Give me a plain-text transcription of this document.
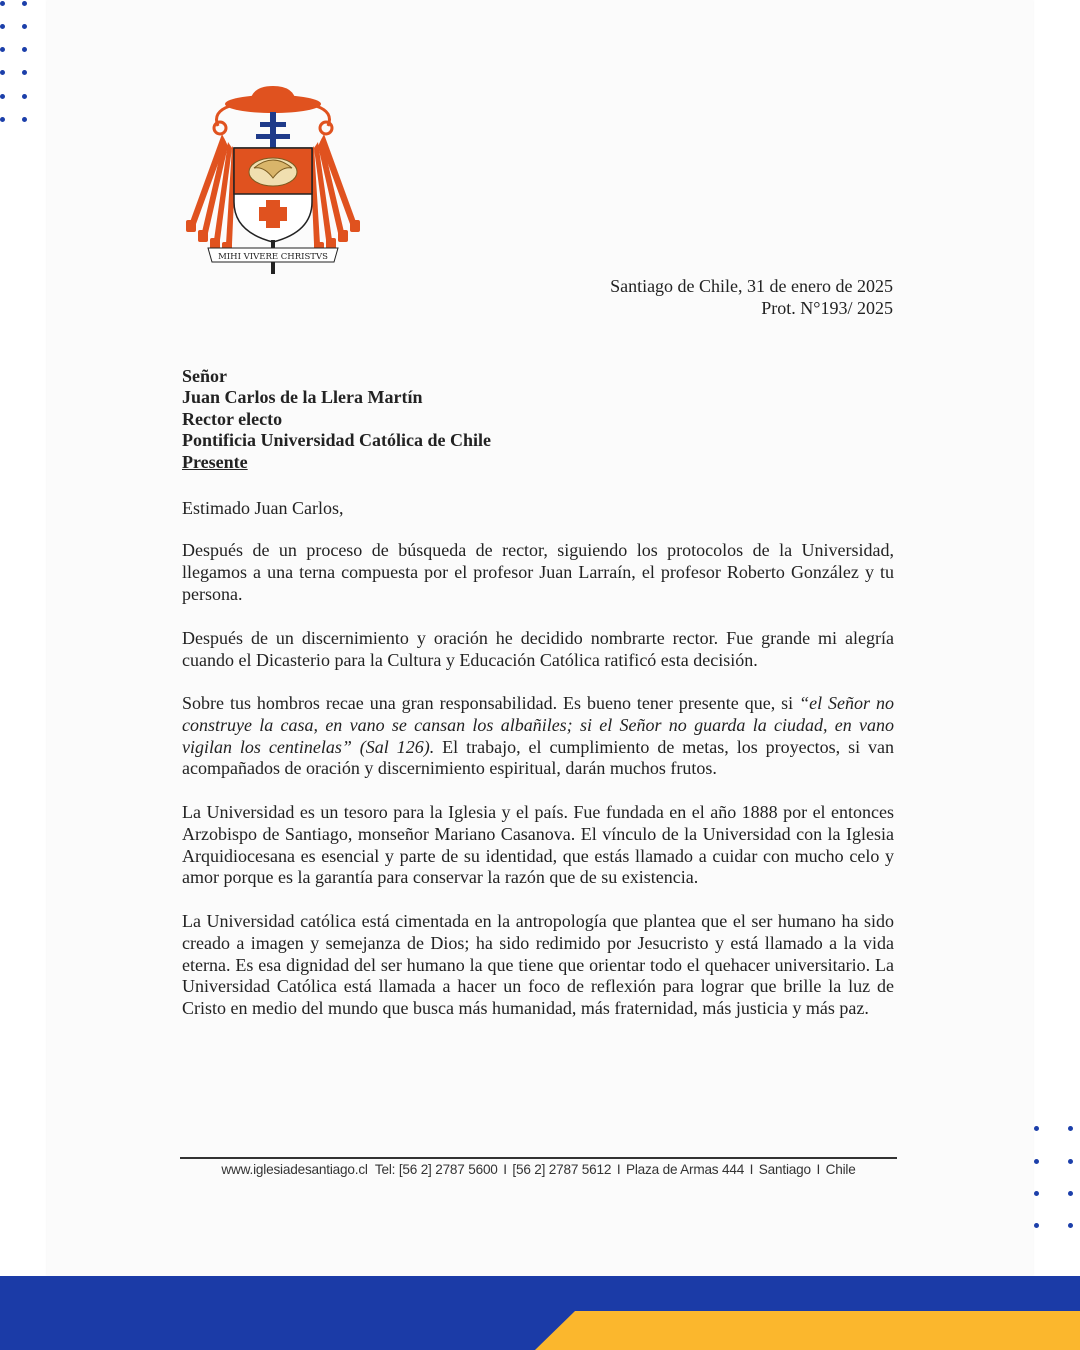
MIHI VIVERE CHRISTVS
Santiago de Chile, 31 de enero de 2025
Prot. N°193/ 2025
Señor
Juan Carlos de la Llera Martín
Rector electo
Pontificia Universidad Católica de Chile
Presente
Estimado Juan Carlos,
Después de un proceso de búsqueda de rector, siguiendo los protocolos de la Universidad, llegamos a una terna compuesta por el profesor Juan Larraín, el profesor Roberto González y tu persona.
Después de un discernimiento y oración he decidido nombrarte rector. Fue grande mi alegría cuando el Dicasterio para la Cultura y Educación Católica ratificó esta decisión.
Sobre tus hombros recae una gran responsabilidad. Es bueno tener presente que, si “el Señor no construye la casa, en vano se cansan los albañiles; si el Señor no guarda la ciudad, en vano vigilan los centinelas” (Sal 126). El trabajo, el cumplimiento de metas, los proyectos, si van acompañados de oración y discernimiento espiritual, darán muchos frutos.
La Universidad es un tesoro para la Iglesia y el país. Fue fundada en el año 1888 por el entonces Arzobispo de Santiago, monseñor Mariano Casanova. El vínculo de la Universidad con la Iglesia Arquidiocesana es esencial y parte de su identidad, que estás llamado a cuidar con mucho celo y amor porque es la garantía para conservar la razón que de su existencia.
La Universidad católica está cimentada en la antropología que plantea que el ser humano ha sido creado a imagen y semejanza de Dios; ha sido redimido por Jesucristo y está llamado a la vida eterna. Es esa dignidad del ser humano la que tiene que orientar todo el quehacer universitario. La Universidad Católica está llamada a hacer un foco de reflexión para lograr que brille la luz de Cristo en medio del mundo que busca más humanidad, más fraternidad, más justicia y más paz.
www.iglesiadesantiago.cl Tel: [56 2] 2787 5600 I [56 2] 2787 5612 I Plaza de Armas 444 I Santiago I Chile
